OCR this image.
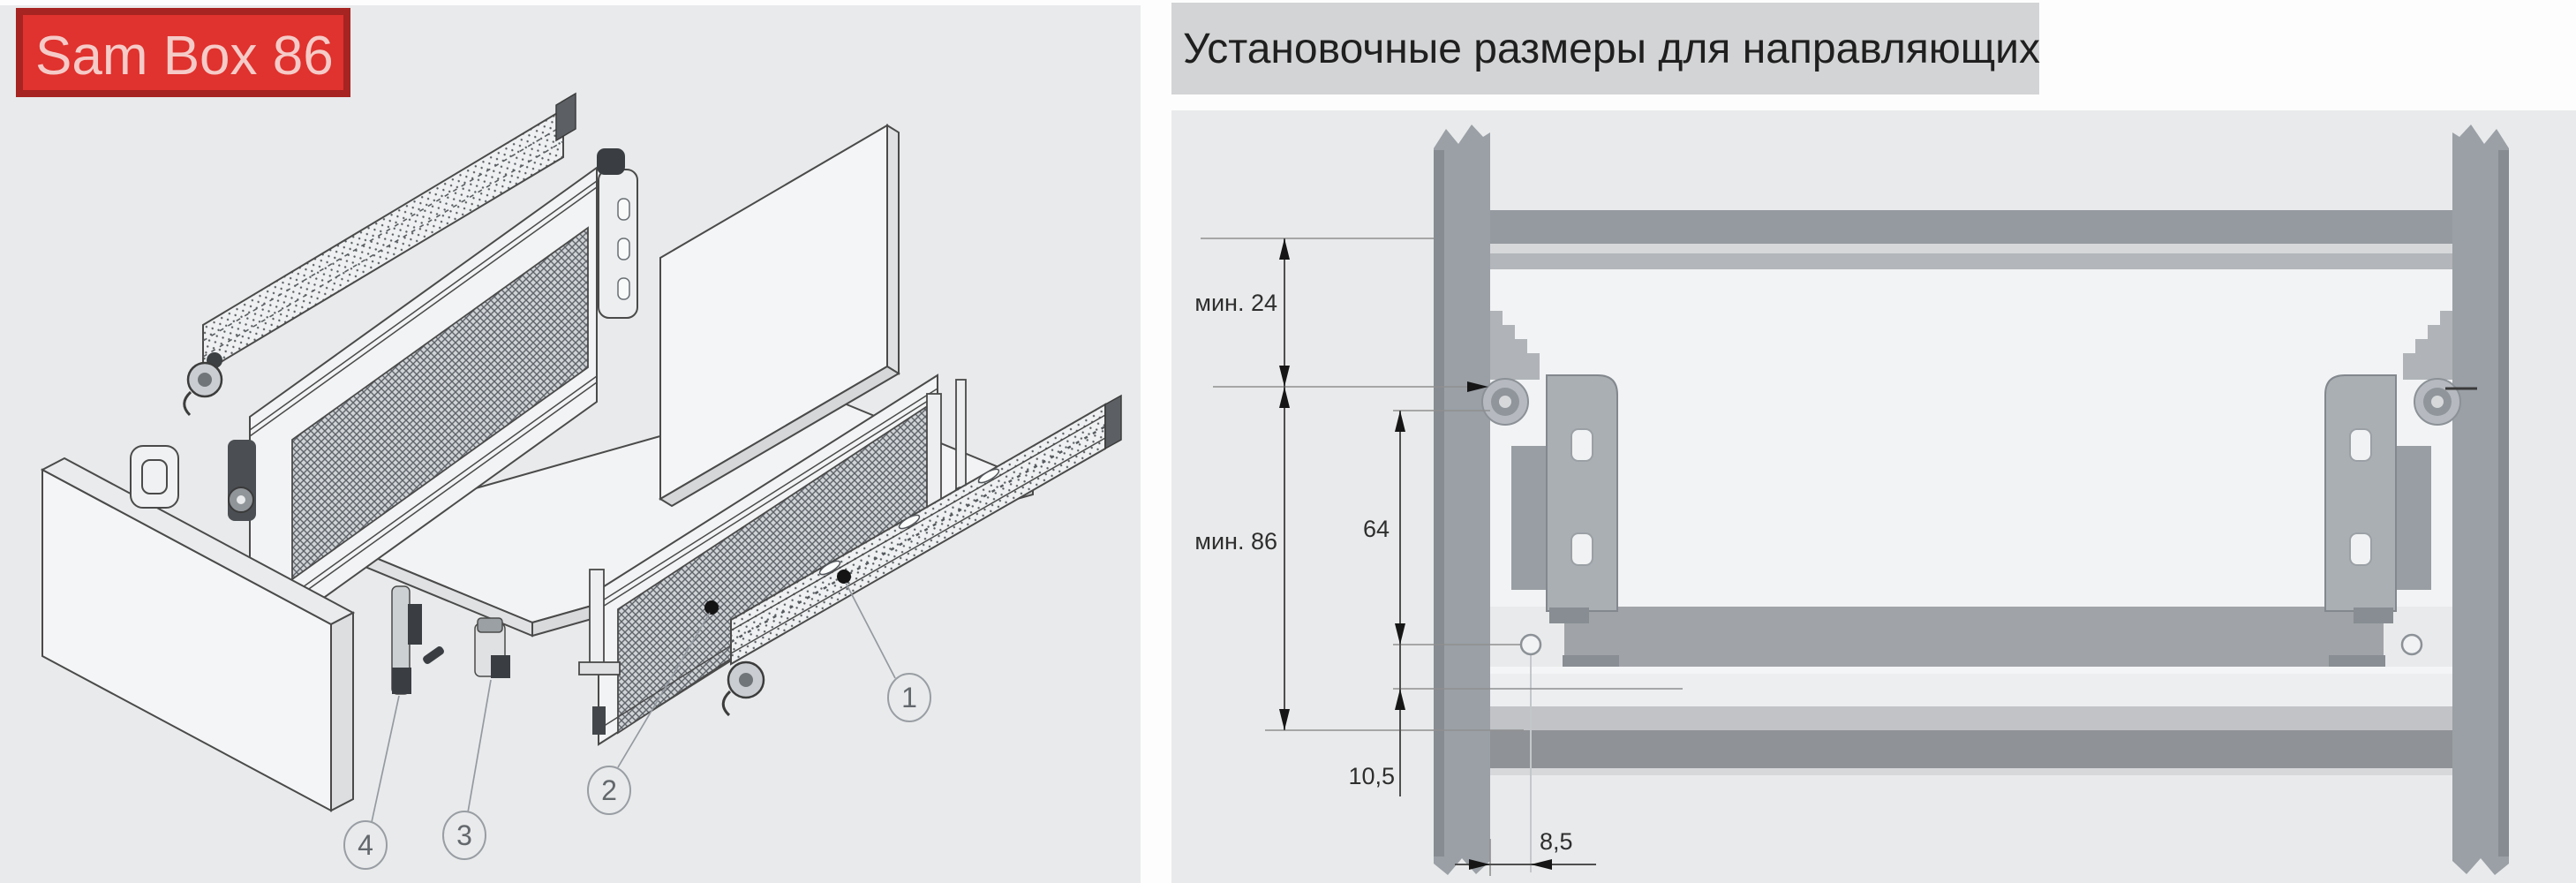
Sam Box 86
1
2
3
4
Установочные размеры для направляющих
мин. 24
мин. 86	64
10,5
8,5
